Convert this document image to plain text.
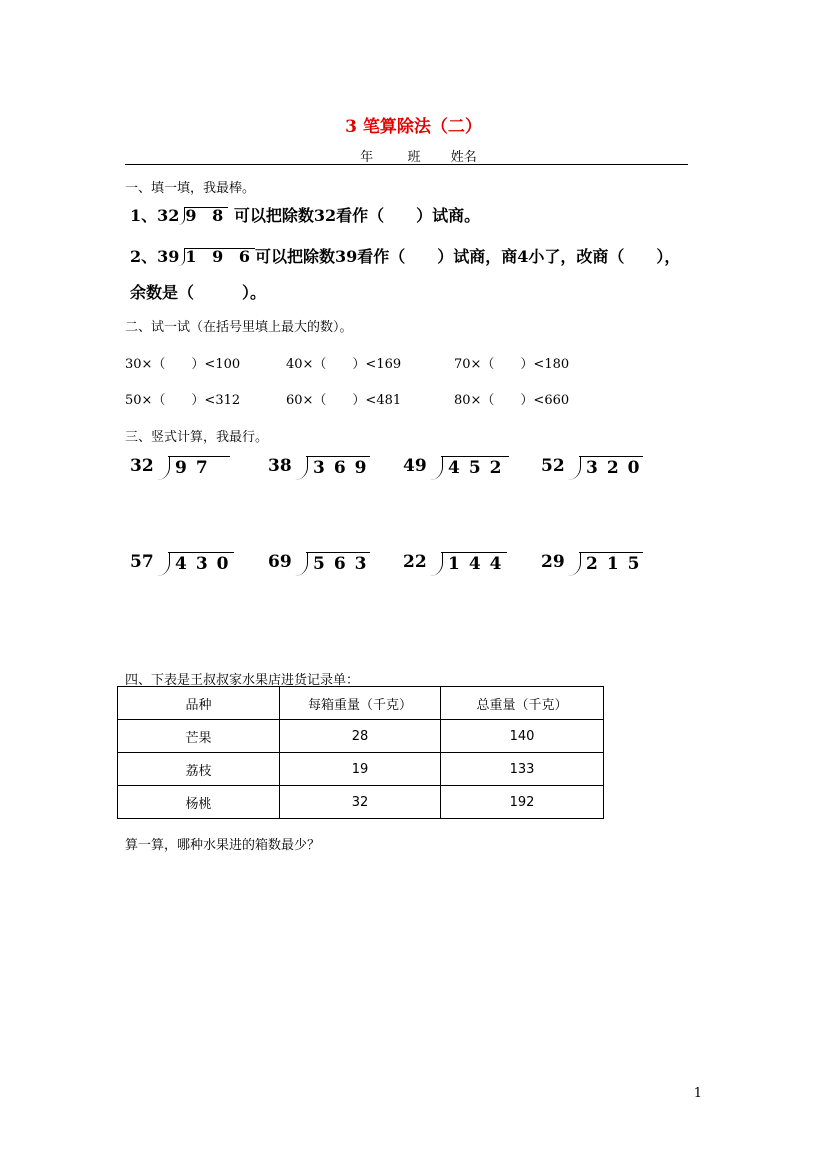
3 笔算除法（二）
年	班 姓名
一、填一填，我最棒。
1、32 9 8 可以把除数32看作（　　）试商。
2、39 1 9 6可以把除数39看作（　　）试商，商4小了，改商（　　），
余数是（　　　）。
二、试一试（在括号里填上最大的数）。
30×（　　）<100	40×（　　）<169	70×（　　）<180
50×（　　）<312	60×（　　）<481	80×（　　）<660
三、竖式计算，我最行。
32 97	38 369 49 452 52 320
57 430 69 563 22 144 29 215
四、下表是王叔叔家水果店进货记录单：
品种	每箱重量（千克）	总重量（千克）
芒果	28	140
荔枝	19	133
杨桃	32	192
算一算，哪种水果进的箱数最少？
1
